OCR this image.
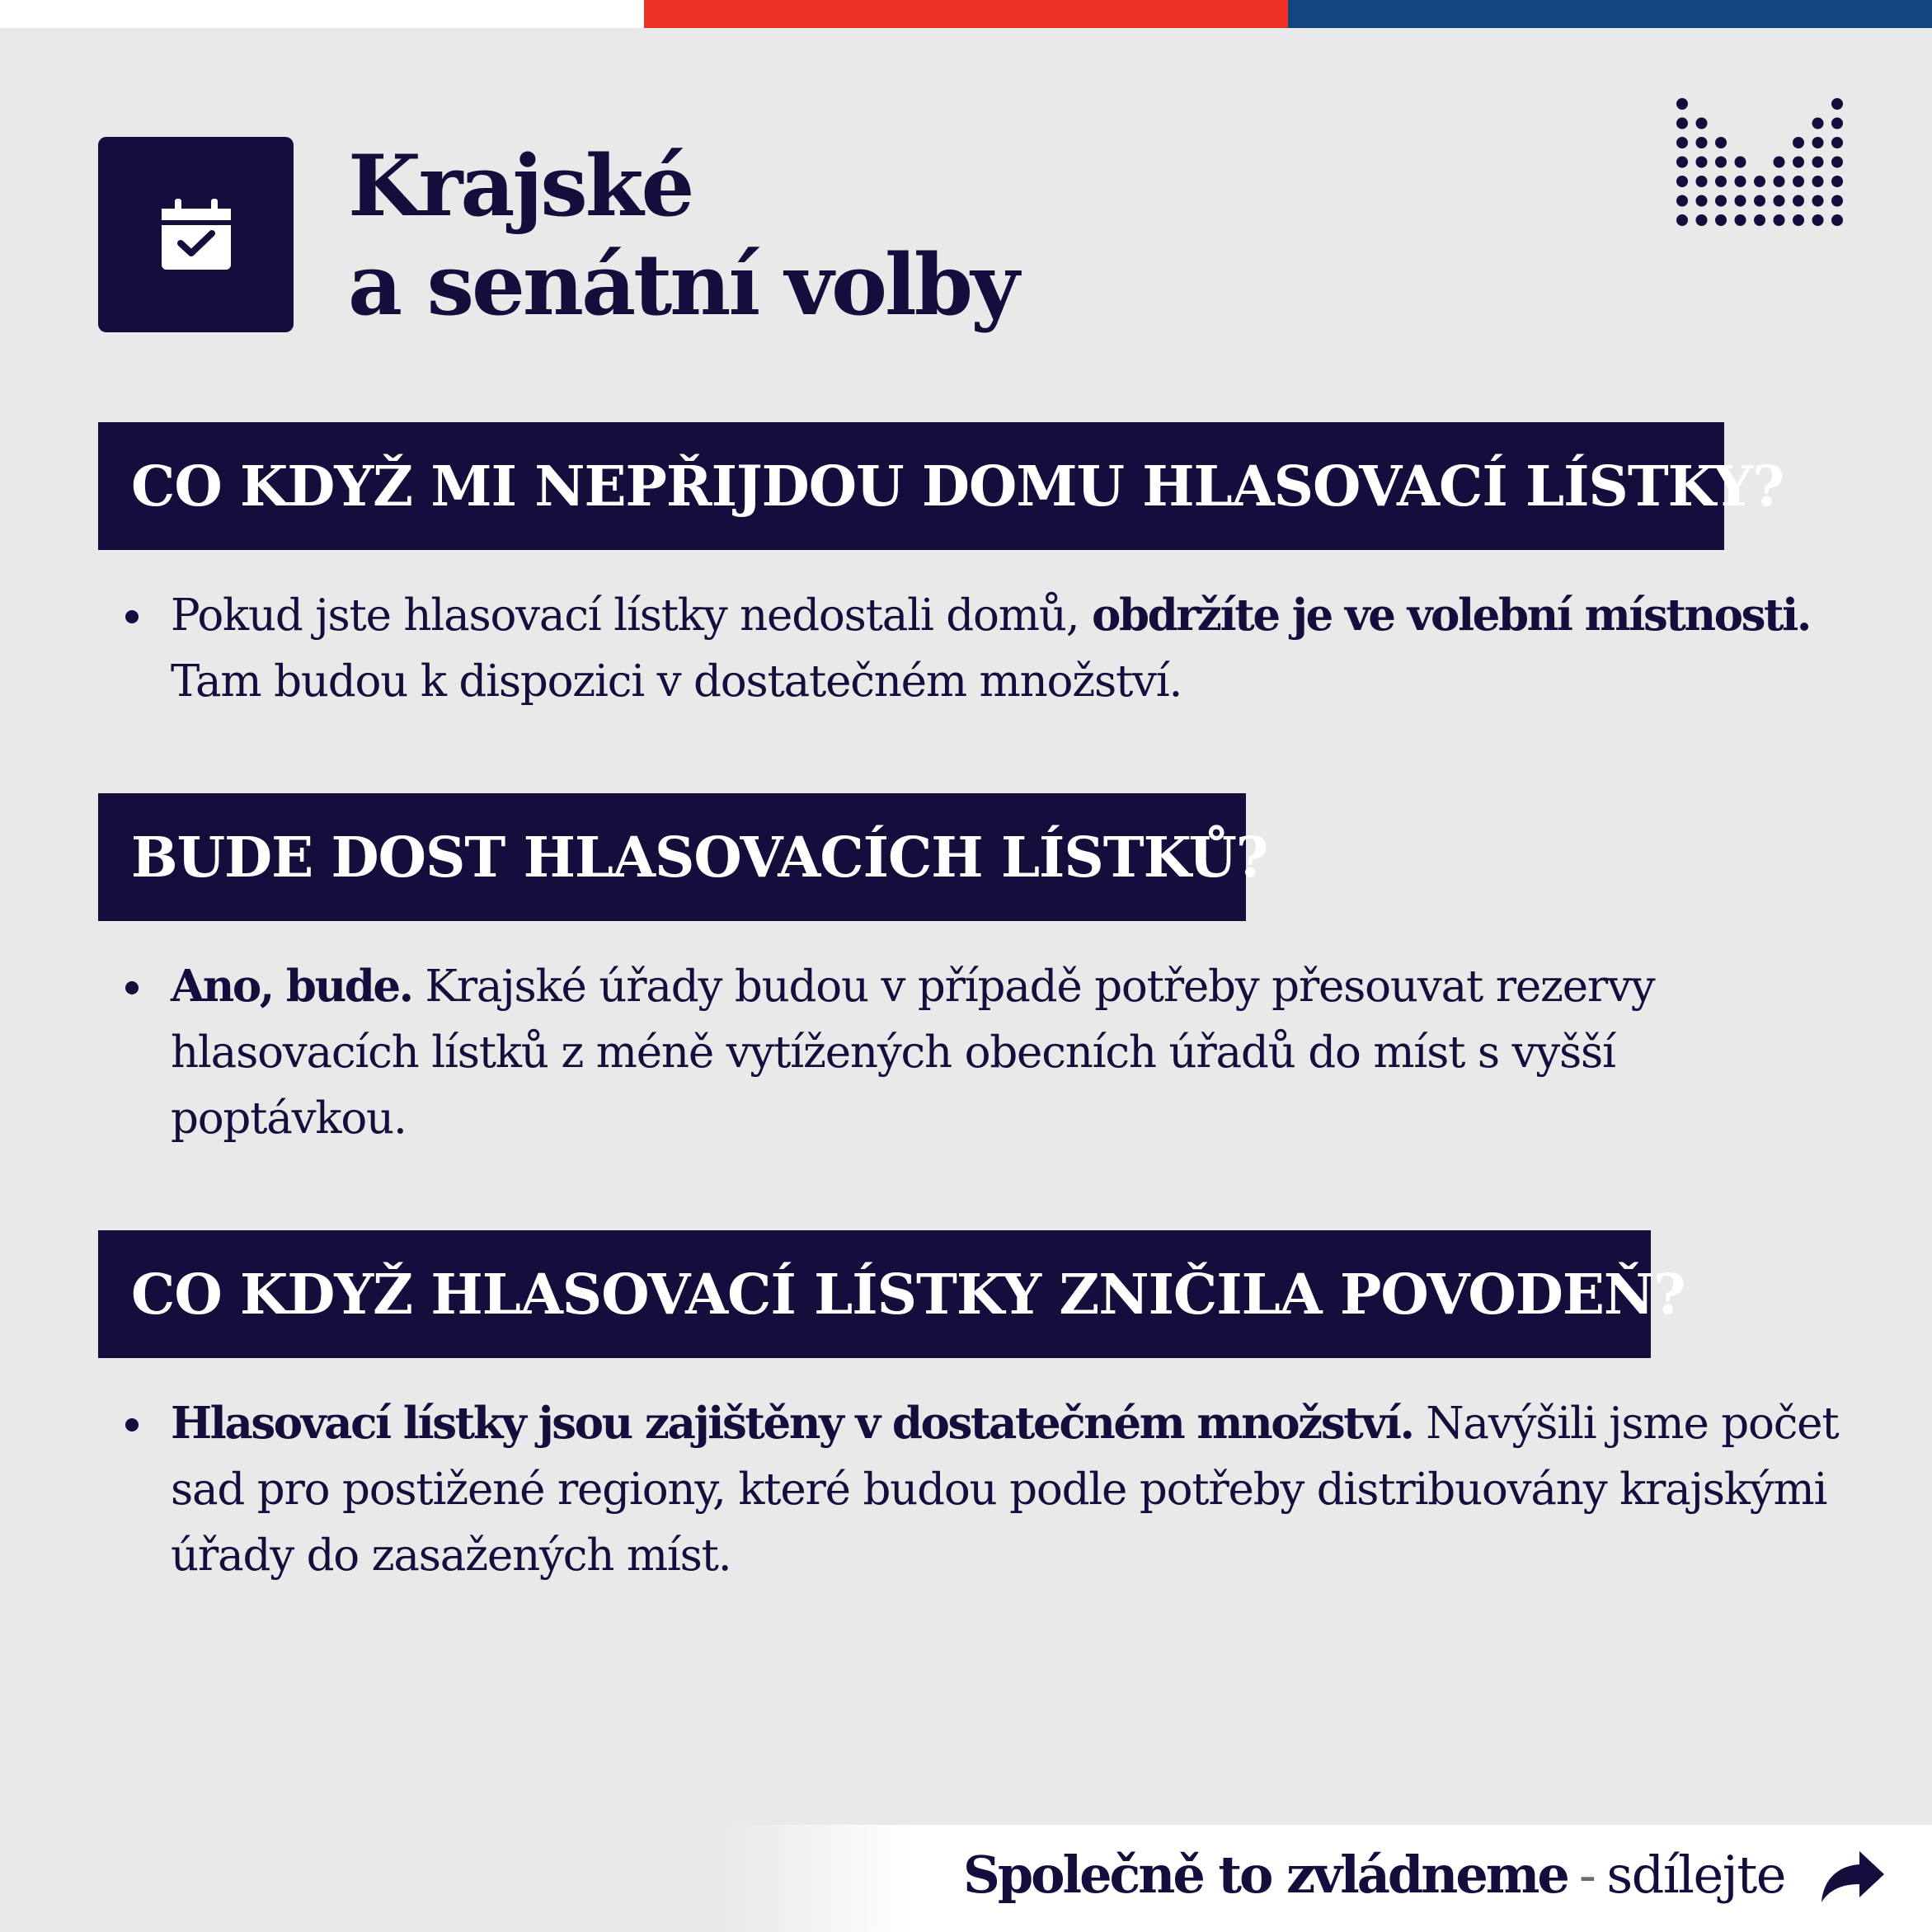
Krajské
a senátní volby
CO KDYŽ MI NEPŘIJDOU DOMU HLASOVACÍ LÍSTKY?
Pokud jste hlasovací lístky nedostali domů, obdržíte je ve volební místnosti. Tam budou k dispozici v dostatečném množství.
BUDE DOST HLASOVACÍCH LÍSTKŮ?
Ano, bude. Krajské úřady budou v případě potřeby přesouvat rezervy hlasovacích lístků z méně vytížených obecních úřadů do míst s vyšší poptávkou.
CO KDYŽ HLASOVACÍ LÍSTKY ZNIČILA POVODEŇ?
Hlasovací lístky jsou zajištěny v dostatečném množství. Navýšili jsme počet sad pro postižené regiony, které budou podle potřeby distribuovány krajskými úřady do zasažených míst.
Společně to zvládneme - sdílejte
